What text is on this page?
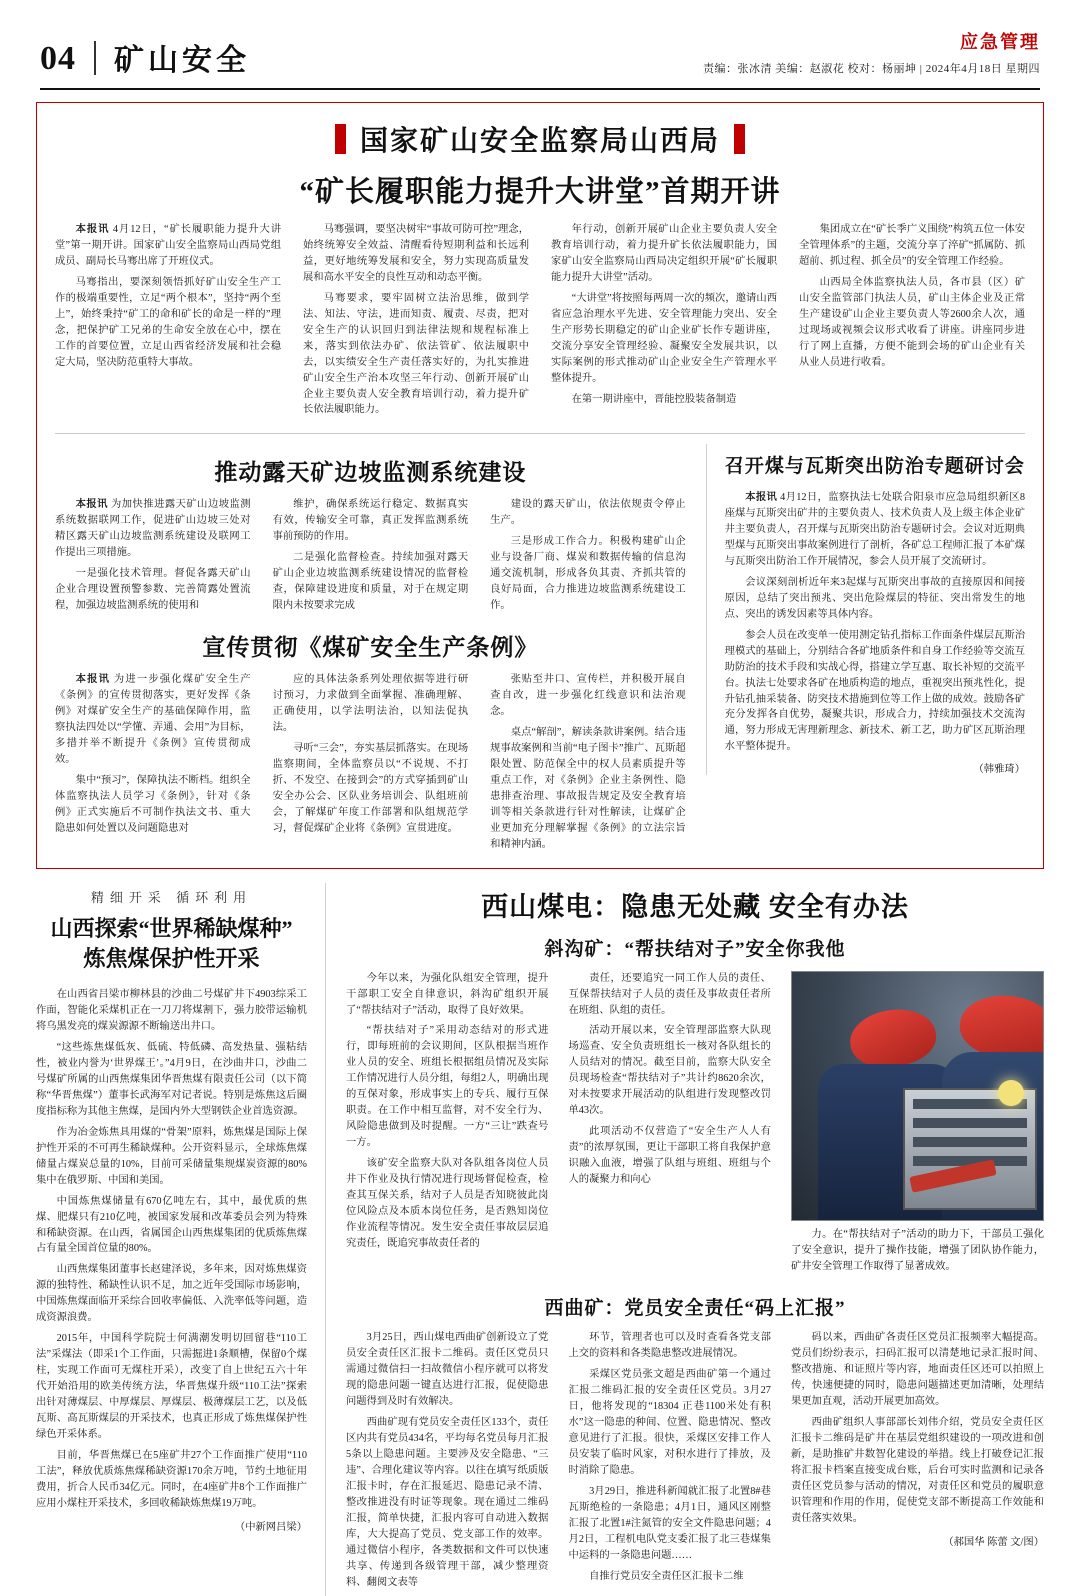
04 矿山安全
应急管理
责编：张冰清 美编：赵淑花 校对：杨丽坤 | 2024年4月18日 星期四
国家矿山安全监察局山西局
“矿长履职能力提升大讲堂”首期开讲

本报讯 4月12日，“矿长履职能力提升大讲堂”第一期开讲。国家矿山安全监察局山西局党组成员、副局长马骞出席了开班仪式。

马骞指出，要深刻领悟抓好矿山安全生产工作的极端重要性，立足“两个根本”，坚持“两个至上”，始终秉持“矿工的命和矿长的命是一样的”理念，把保护矿工兄弟的生命安全放在心中，摆在工作的首要位置，立足山西省经济发展和社会稳定大局，坚决防范重特大事故。

马骞强调，要坚决树牢“事故可防可控”理念，始终统筹安全效益、清醒看待短期利益和长远利益，更好地统筹发展和安全，努力实现高质量发展和高水平安全的良性互动和动态平衡。

马骞要求，要牢固树立法治思维，做到学法、知法、守法，进而知责、履责、尽责，把对安全生产的认识回归到法律法规和规程标准上来，落实到依法办矿、依法管矿、依法履职中去，以实绩安全生产责任落实好的，为扎实推进矿山安全生产治本攻坚三年行动、创新开展矿山企业主要负责人安全教育培训行动，着力提升矿长依法履职能力。

年行动，创新开展矿山企业主要负责人安全教育培训行动，着力提升矿长依法履职能力，国家矿山安全监察局山西局决定组织开展“矿长履职能力提升大讲堂”活动。

“大讲堂”将按照每两周一次的频次，邀请山西省应急治理水平先进、安全管理能力突出、安全生产形势长期稳定的矿山企业矿长作专题讲座，交流分享安全管理经验、凝聚安全发展共识，以实际案例的形式推动矿山企业安全生产管理水平整体提升。

在第一期讲座中，晋能控股装备制造

集团成立在“矿长季广义围绕”构筑五位一体安全管理体系”的主题，交流分享了淬矿“抓属防、抓超前、抓过程、抓全员”的安全管理工作经验。

山西局全体监察执法人员，各市县（区）矿山安全监管部门执法人员，矿山主体企业及正常生产建设矿山企业主要负责人等2600余人次，通过现场或视频会议形式收看了讲座。讲座同步进行了网上直播，方便不能到会场的矿山企业有关从业人员进行收看。

推动露天矿边坡监测系统建设

本报讯 为加快推进露天矿山边坡监测系统数据联网工作，促进矿山边坡三处对精区露天矿山边坡监测系统建设及联网工作提出三项措施。

一是强化技术管理。督促各露天矿山企业合理设置预警参数、完善简露处置流程，加强边坡监测系统的使用和

维护，确保系统运行稳定、数据真实有效，传输安全可靠，真正发挥监测系统事前预防的作用。

二是强化监督检查。持续加强对露天矿山企业边坡监测系统建设情况的监督检查，保障建设进度和质量，对于在规定期限内未按要求完成

建设的露天矿山，依法依规责令停止生产。

三是形成工作合力。积极构建矿山企业与设备厂商、煤炭和数据传输的信息沟通交流机制，形成各负其责、齐抓共管的良好局面，合力推进边坡监测系统建设工作。

宣传贯彻《煤矿安全生产条例》

本报讯 为进一步强化煤矿安全生产《条例》的宣传贯彻落实，更好发挥《条例》对煤矿安全生产的基础保障作用，监察执法四处以“学懂、弄通、会用”为目标，多措并举不断提升《条例》宣传贯彻成效。

集中“预习”，保障执法不断档。组织全体监察执法人员学习《条例》，针对《条例》正式实施后不可制作执法文书、重大隐患如何处置以及问题隐患对

应的具体法条系列处理依据等进行研讨预习，力求做到全面掌握、准确理解、正确使用，以学法明法治，以知法促执法。

寻听“三会”，夯实基层抓落实。在现场监察期间，全体监察员以“不说规、不打折、不发空、在接到会”的方式穿插到矿山安全办公会、区队业务培训会、队组班前会，了解煤矿年度工作部署和队组规范学习，督促煤矿企业将《条例》宣贯进度。

张贴至井口、宣传栏，并积极开展自查自改，进一步强化红线意识和法治观念。

桌点“解剖”，解读条款讲案例。结合违规事故案例和当前“电子图卡”推广、瓦斯超限处置、防范保全中的权人员素质提升等重点工作，对《条例》企业主条例性、隐患排查治理、事故报告规定及安全教育培训等相关条款进行针对性解读，让煤矿企业更加充分理解掌握《条例》的立法宗旨和精神内涵。

召开煤与瓦斯突出防治专题研讨会

本报讯 4月12日，监察执法七处联合阳泉市应急局组织新区8座煤与瓦斯突出矿井的主要负责人、技术负责人及上级主体企业矿井主要负责人，召开煤与瓦斯突出防治专题研讨会。会议对近期典型煤与瓦斯突出事故案例进行了剖析，各矿总工程师汇报了本矿煤与瓦斯突出防治工作开展情况，参会人员开展了交流研讨。

会议深刻剖析近年来3起煤与瓦斯突出事故的直接原因和间接原因，总结了突出预兆、突出危险煤层的特征、突出常发生的地点、突出的诱发因素等具体内容。

参会人员在改变单一使用测定钻孔指标工作面条件煤层瓦斯治理模式的基础上，分别结合各矿地质条件和自身工作经验等交流互助防治的技术手段和实战心得，搭建立学互惠、取长补短的交流平台。执法七处要求各矿在地质构造的地点，重视突出预兆性化，提升钻孔抽采装备、防突技术措施到位等工作上做的成效。鼓励各矿充分发挥各自优势，凝聚共识，形成合力，持续加强技术交流沟通，努力形成无害理新理念、新技术、新工艺，助力矿区瓦斯治理水平整体提升。

（韩雅琦）
精细开采 循环利用
山西探索“世界稀缺煤种”
炼焦煤保护性开采

在山西省吕梁市柳林县的沙曲二号煤矿井下4903综采工作面，智能化采煤机正在一刀刀将煤割下，强力胶带运输机将乌黑发亮的煤炭源源不断输送出井口。

“这些炼焦煤低灰、低硫、特低磷、高发热量、强粘结性，被业内誉为‘世界煤王’。”4月9日，在沙曲井口，沙曲二号煤矿所属的山西焦煤集团华晋焦煤有限责任公司（以下简称“华晋焦煤”）董事长武海军对记者说。特别是炼焦这后圈度指标称为其他主焦煤，是国内外大型钢铁企业首选资源。

作为冶金炼焦具用煤的“骨架”原料，炼焦煤是国际上保护性开采的不可再生稀缺煤种。公开资料显示，全球炼焦煤储量占煤炭总量的10%，目前可采储量集规煤炭资源的80%集中在俄罗斯、中国和美国。

中国炼焦煤储量有670亿吨左右，其中，最优质的焦煤、肥煤只有210亿吨，被国家发展和改革委员会列为特殊和稀缺资源。在山西，省属国企山西焦煤集团的优质炼焦煤占有量全国首位量的80%。

山西焦煤集团董事长赵建泽说，多年来，因对炼焦煤资源的独特性、稀缺性认识不足，加之近年受国际市场影响，中国炼焦煤面临开采综合回收率偏低、入洗率低等问题，造成资源浪费。

2015年，中国科学院院士何满潮发明切回留巷“110工法”采煤法（即采1个工作面，只需掘进1条顺槽，保留0个煤柱，实现工作面可无煤柱开采），改变了自上世纪五六十年代开始沿用的欧美传统方法，华晋焦煤升级“110工法”探索出针对薄煤层、中厚煤层、厚煤层、极薄煤层工艺，以及低瓦斯、高瓦斯煤层的开采技术，也真正形成了炼焦煤保护性绿色开采体系。

目前，华晋焦煤已在5座矿井27个工作面推广使用“110工法”，释放优质炼焦煤稀缺资源170余万吨，节约土地征用费用，折合人民币34亿元。同时，在4座矿井8个工作面推广应用小煤柱开采技术，多回收稀缺炼焦煤19万吨。

（中新网吕梁）
西山煤电：隐患无处藏 安全有办法
斜沟矿：“帮扶结对子”安全你我他

今年以来，为强化队组安全管理，提升干部职工安全自律意识，斜沟矿组织开展了“帮扶结对子”活动，取得了良好效果。

“帮扶结对子”采用动态结对的形式进行，即每班前的会议期间，区队根据当班作业人员的安全、班组长根据组员情况及实际工作情况进行人员分组，每组2人，明确出现的互保对象，形成事实上的专兵、履行互保职责。在工作中相互监督，对不安全行为、风险隐患做到及时提醒。一方“三让”跌查号一方。

该矿安全监察大队对各队组各岗位人员井下作业及执行情况进行现场督促检查，检查其互保关系，结对子人员是否知晓彼此岗位风险点及本质本岗位任务，是否熟知岗位作业流程等情况。发生安全责任事故层层追究责任，既追究事故责任者的

责任，还要追究一同工作人员的责任、互保帮扶结对子人员的责任及事故责任者所在班组、队组的责任。

活动开展以来，安全管理部监察大队现场巡查、安全负责班组长一核对各队组长的人员结对的情况。截至目前，监察大队安全员现场检查“帮扶结对子”共计约8620余次，对未按要求开展活动的队组进行发现整改罚单43次。

此项活动不仅营造了“安全生产人人有责”的浓厚氛围，更让干部职工将自我保护意识融入血液，增强了队组与班组、班组与个人的凝聚力和向心

力。在“帮扶结对子”活动的助力下，干部员工强化了安全意识，提升了操作技能，增强了团队协作能力，矿井安全管理工作取得了显著成效。

西曲矿：党员安全责任“码上汇报”

3月25日，西山煤电西曲矿创新设立了党员安全责任区汇报卡二维码。责任区党员只需通过微信扫一扫故微信小程序就可以将发现的隐患问题一键直达进行汇报，促使隐患问题得到及时有效解决。

西曲矿现有党员安全责任区133个，责任区内共有党员434名，平均每名党员每月汇报5条以上隐患问题。主要涉及安全隐患、“三违”、合理化建议等内容。以往在填写纸质版汇报卡时，存在汇报延迟、隐患记录不清、整改推进没有时证等现象。现在通过二维码汇报，简单快捷，汇报内容可自动进入数据库，大大提高了党员、党支部工作的效率。通过微信小程序，各类数据和文件可以快速共享、传递到各级管理干部，减少整理资料、翻阅文表等

环节，管理者也可以及时查看各党支部上交的资料和各类隐患整改进展情况。

采煤区党员张文超是西曲矿第一个通过汇报二维码汇报的安全责任区党员。3月27日，他将发现的“18304 正巷1100米处有积水”这一隐患的种间、位置、隐患情况、整改意见进行了汇报。很快，采煤区安排工作人员安装了临时风家，对积水进行了排放，及时消除了隐患。

3月29日，推进科新闻就汇报了北置8#巷瓦斯绝检的一条隐患；4月1日，通风区刚整汇报了北置1#注氮管的安全文件隐患问题；4月2日，工程机电队党支委汇报了北三巷煤集中运料的一条隐患问题……

自推行党员安全责任区汇报卡二维

码以来，西曲矿各责任区党员汇报频率大幅提高。党员们纷纷表示，扫码汇报可以清楚地记录汇报时间、整改措施、和证照片等内容，地面责任区还可以拍照上传，快速便捷的同时，隐患问题描述更加清晰，处理结果更加直观，活动开展更加高效。

西曲矿组织人事部部长刘伟介绍，党员安全责任区汇报卡二维码是矿井在基层党组织建设的一项改进和创新，是助推矿井数智化建设的举措。线上打破登记汇报将汇报卡档案直接变成台账，后台可实时监测和记录各责任区党员参与活动的情况，对责任区和党员的履职意识管理和作用的作用，促使党支部不断提高工作效能和责任落实效果。

（郝国华 陈蕾 文/图）
